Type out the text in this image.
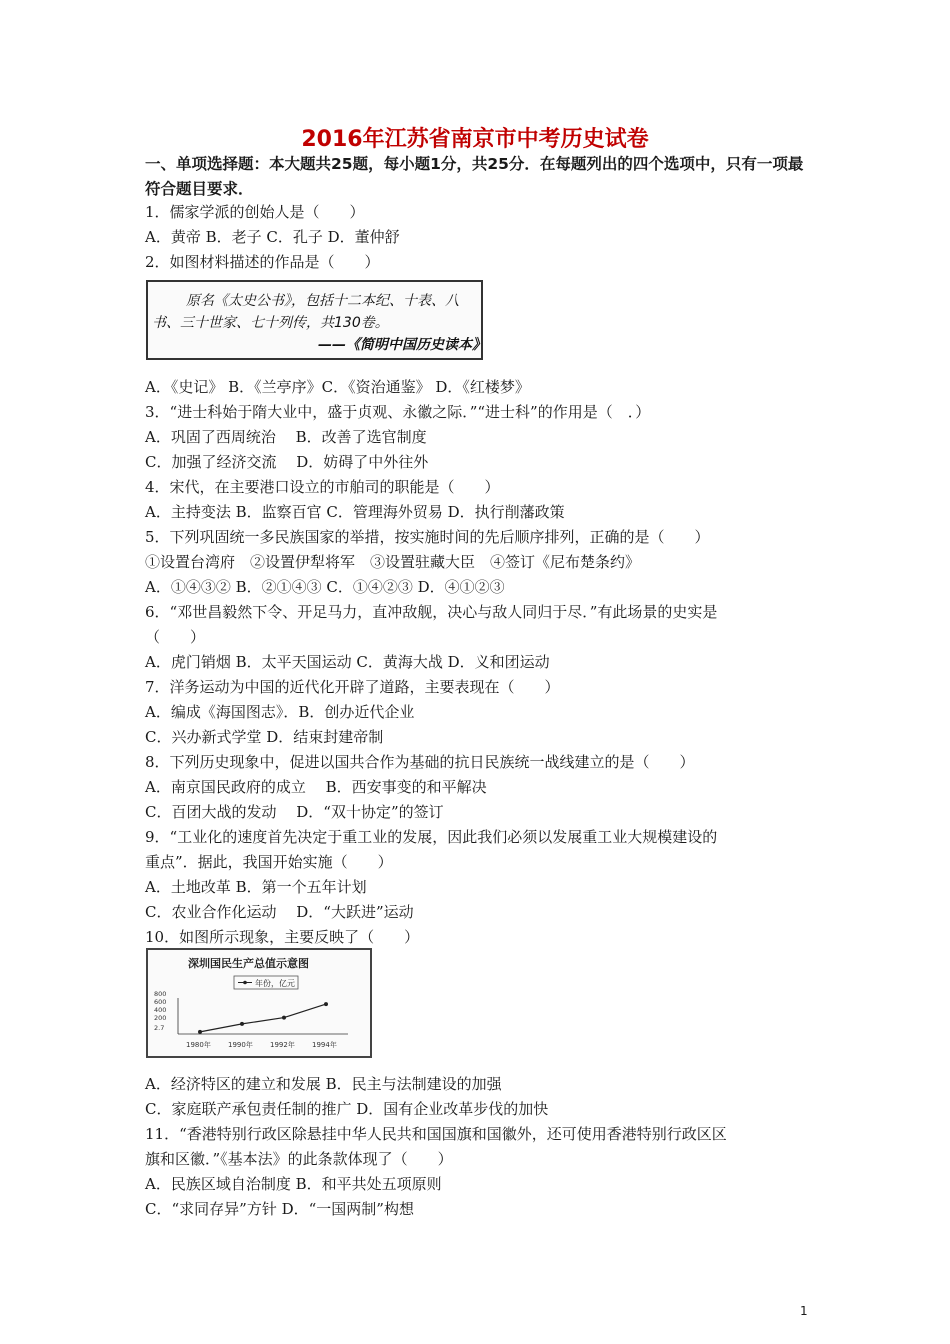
2016年江苏省南京市中考历史试卷
一、单项选择题：本大题共25题，每小题1分，共25分．在每题列出的四个选项中，只有一项最符合题目要求．
1．儒家学派的创始人是（　　）
A．黄帝 B．老子 C．孔子 D．董仲舒
2．如图材料描述的作品是（　　）
A．《史记》 B．《兰亭序》C．《资治通鉴》 D．《红楼梦》
3．“进士科始于隋大业中，盛于贞观、永徽之际．”“进士科”的作用是（　．）
A．巩固了西周统治　 B．改善了选官制度
C．加强了经济交流　 D．妨碍了中外往外
4．宋代，在主要港口设立的市舶司的职能是（　　）
A．主持变法 B．监察百官 C．管理海外贸易 D．执行削藩政策
5．下列巩固统一多民族国家的举措，按实施时间的先后顺序排列，正确的是（　　）
①设置台湾府　②设置伊犁将军　③设置驻藏大臣　④签订《尼布楚条约》
A．①④③② B．②①④③ C．①④②③ D．④①②③
6．“邓世昌毅然下令、开足马力，直冲敌舰，决心与敌人同归于尽．”有此场景的史实是
（　　）
A．虎门销烟 B．太平天国运动 C．黄海大战 D．义和团运动
7．洋务运动为中国的近代化开辟了道路，主要表现在（　　）
A．编成《海国图志》．B．创办近代企业
C．兴办新式学堂 D．结束封建帝制
8．下列历史现象中，促进以国共合作为基础的抗日民族统一战线建立的是（　　）
A．南京国民政府的成立　 B．西安事变的和平解决
C．百团大战的发动　 D．“双十协定”的签订
9．“工业化的速度首先决定于重工业的发展，因此我们必须以发展重工业大规模建设的
重点”．据此，我国开始实施（　　）
A．土地改革 B．第一个五年计划
C．农业合作化运动　 D．“大跃进”运动
10．如图所示现象，主要反映了（　　）
A．经济特区的建立和发展 B．民主与法制建设的加强
C．家庭联产承包责任制的推广 D．国有企业改革步伐的加快
11．“香港特别行政区除悬挂中华人民共和国国旗和国徽外，还可使用香港特别行政区区
旗和区徽．”《基本法》的此条款体现了（　　）
A．民族区域自治制度 B．和平共处五项原则
C．“求同存异”方针 D．“一国两制”构想
原名《太史公书》，包括十二本纪、十表、八
书、三十世家、七十列传，共130卷。
——《简明中国历史读本》
深圳国民生产总值示意图
年份，亿元
800
600
400
200
2.7
1980年 1990年 1992年 1994年
1
